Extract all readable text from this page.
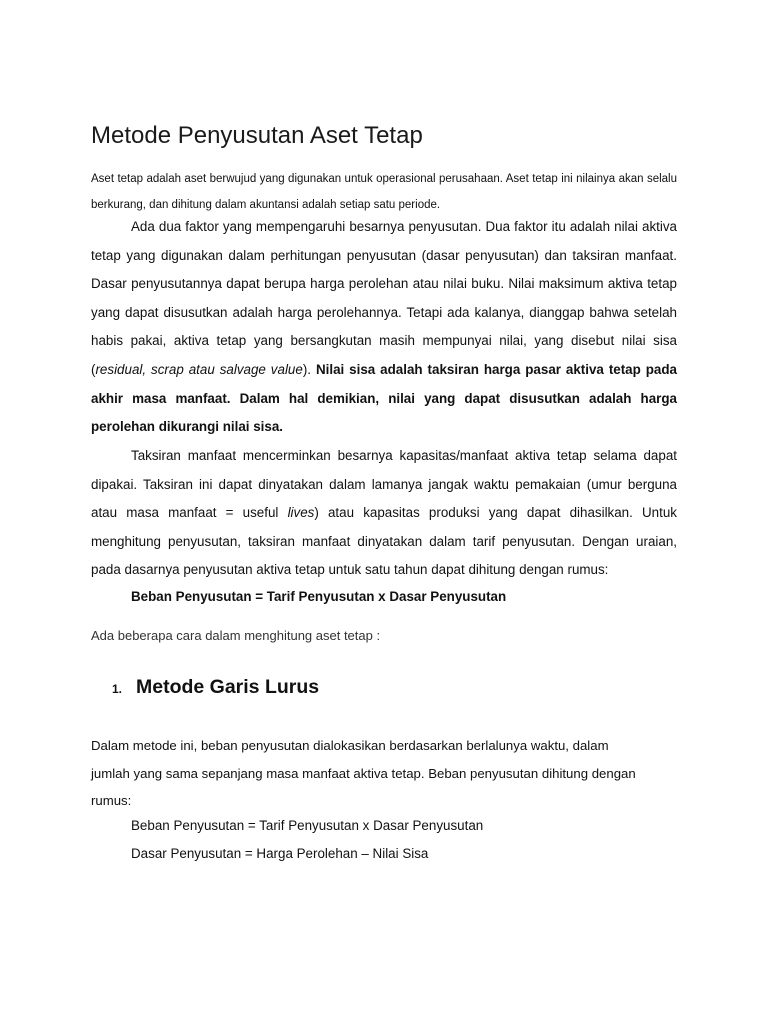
Metode Penyusutan Aset Tetap

Aset tetap adalah aset berwujud yang digunakan untuk operasional perusahaan. Aset tetap ini nilainya akan selalu berkurang, dan dihitung dalam akuntansi adalah setiap satu periode.

Ada dua faktor yang mempengaruhi besarnya penyusutan. Dua faktor itu adalah nilai aktiva tetap yang digunakan dalam perhitungan penyusutan (dasar penyusutan) dan taksiran manfaat. Dasar penyusutannya dapat berupa harga perolehan atau nilai buku. Nilai maksimum aktiva tetap yang dapat disusutkan adalah harga perolehannya. Tetapi ada kalanya, dianggap bahwa setelah habis pakai, aktiva tetap yang bersangkutan masih mempunyai nilai, yang disebut nilai sisa (residual, scrap atau salvage value). Nilai sisa adalah taksiran harga pasar aktiva tetap pada akhir masa manfaat. Dalam hal demikian, nilai yang dapat disusutkan adalah harga perolehan dikurangi nilai sisa.

Taksiran manfaat mencerminkan besarnya kapasitas/manfaat aktiva tetap selama dapat dipakai. Taksiran ini dapat dinyatakan dalam lamanya jangak waktu pemakaian (umur berguna atau masa manfaat = useful lives) atau kapasitas produksi yang dapat dihasilkan. Untuk menghitung penyusutan, taksiran manfaat dinyatakan dalam tarif penyusutan. Dengan uraian, pada dasarnya penyusutan aktiva tetap untuk satu tahun dapat dihitung dengan rumus:

Beban Penyusutan = Tarif Penyusutan x Dasar Penyusutan

Ada beberapa cara dalam menghitung aset tetap :

1. Metode Garis Lurus

Dalam metode ini, beban penyusutan dialokasikan berdasarkan berlalunya waktu, dalam jumlah yang sama sepanjang masa manfaat aktiva tetap. Beban penyusutan dihitung dengan rumus:

Beban Penyusutan = Tarif Penyusutan x Dasar Penyusutan

Dasar Penyusutan = Harga Perolehan – Nilai Sisa
